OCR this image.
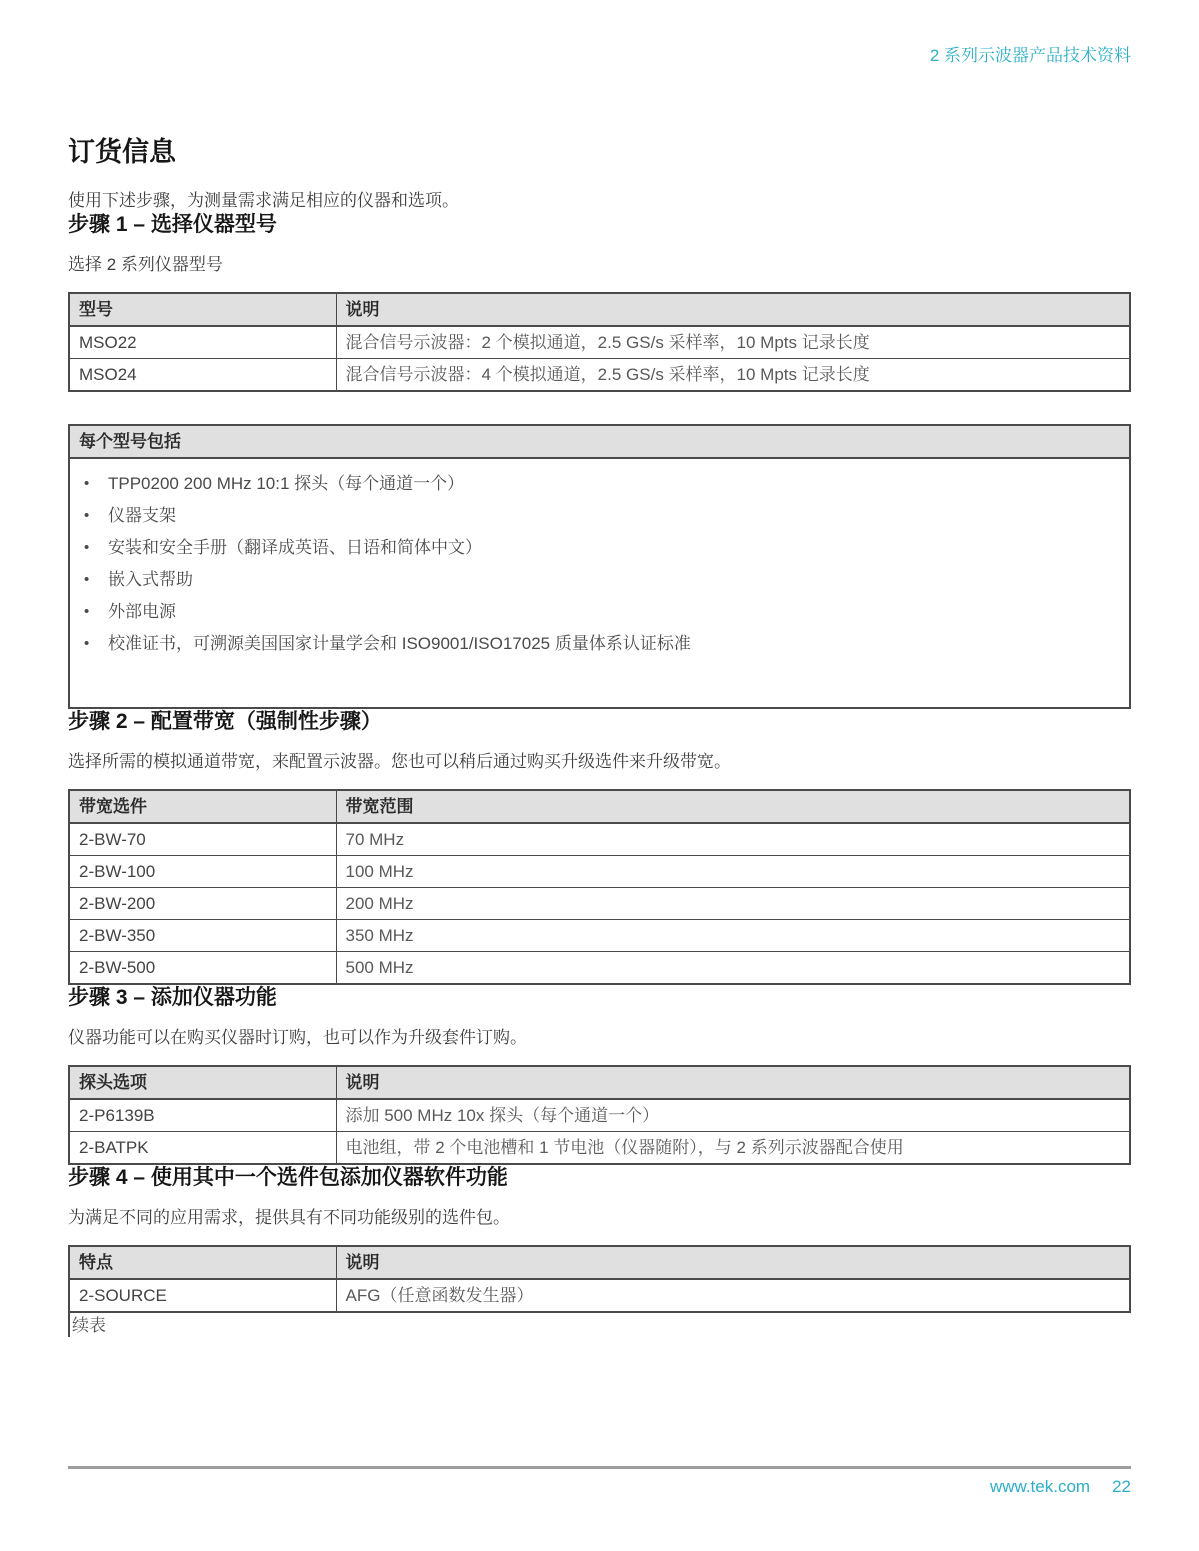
2 系列示波器产品技术资料
订货信息

使用下述步骤，为测量需求满足相应的仪器和选项。

步骤 1 – 选择仪器型号

选择 2 系列仪器型号

型号	说明
MSO22	混合信号示波器：2 个模拟通道，2.5 GS/s 采样率，10 Mpts 记录长度
MSO24	混合信号示波器：4 个模拟通道，2.5 GS/s 采样率，10 Mpts 记录长度
每个型号包括
• TPP0200 200 MHz 10:1 探头（每个通道一个）
• 仪器支架
• 安装和安全手册（翻译成英语、日语和简体中文）
• 嵌入式帮助
• 外部电源
• 校准证书，可溯源美国国家计量学会和 ISO9001/ISO17025 质量体系认证标准
步骤 2 – 配置带宽（强制性步骤）

选择所需的模拟通道带宽，来配置示波器。您也可以稍后通过购买升级选件来升级带宽。

带宽选件	带宽范围
2-BW-70	70 MHz
2-BW-100	100 MHz
2-BW-200	200 MHz
2-BW-350	350 MHz
2-BW-500	500 MHz
步骤 3 – 添加仪器功能

仪器功能可以在购买仪器时订购，也可以作为升级套件订购。

探头选项	说明
2-P6139B	添加 500 MHz 10x 探头（每个通道一个）
2-BATPK	电池组，带 2 个电池槽和 1 节电池（仪器随附），与 2 系列示波器配合使用
步骤 4 – 使用其中一个选件包添加仪器软件功能

为满足不同的应用需求，提供具有不同功能级别的选件包。

特点	说明
2-SOURCE	AFG（任意函数发生器）
续表
www.tek.com 22
